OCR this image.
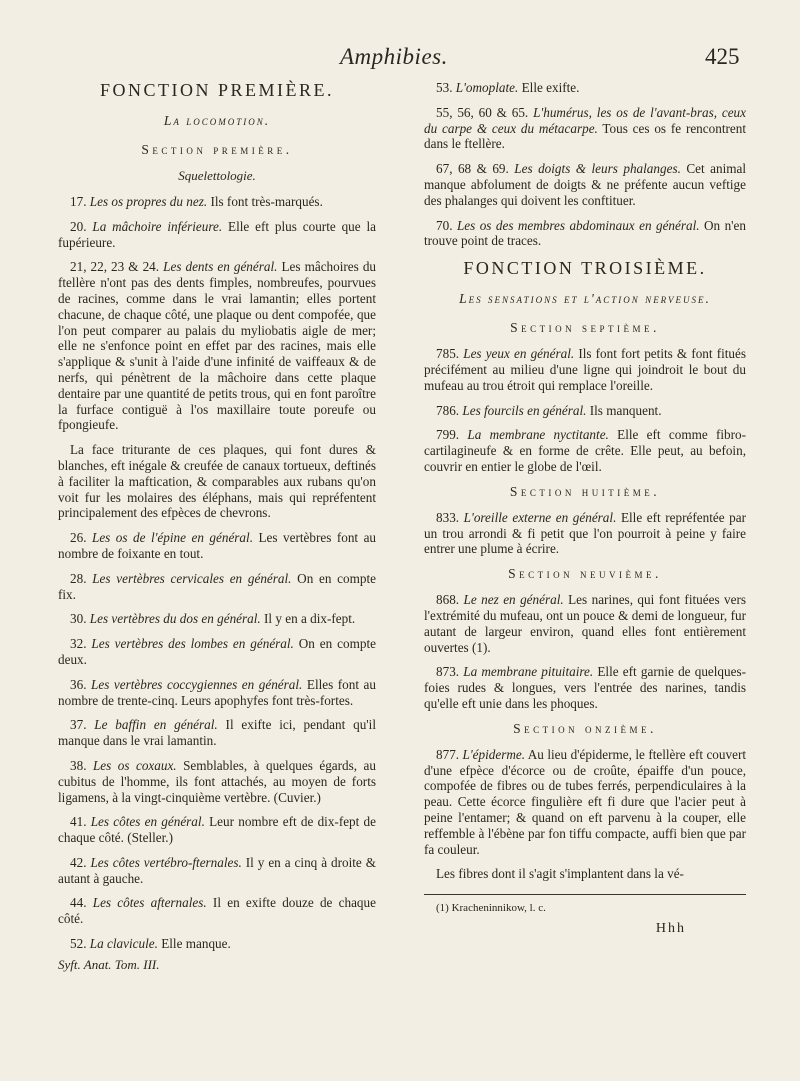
Amphibies.	425
FONCTION PREMIÈRE.
La locomotion.
Section première.
Squelettologie.

17. Les os propres du nez. Ils font très-marqués.

20. La mâchoire inférieure. Elle eft plus courte que la fupérieure.

21, 22, 23 & 24. Les dents en général. Les mâchoires du ftellère n'ont pas des dents fimples, nombreufes, pourvues de racines, comme dans le vrai lamantin; elles portent chacune, de chaque côté, une plaque ou dent compofée, que l'on peut comparer au palais du myliobatis aigle de mer; elle ne s'enfonce point en effet par des racines, mais elle s'applique & s'unit à l'aide d'une infinité de vaiffeaux & de nerfs, qui pénètrent de la mâchoire dans cette plaque dentaire par une quantité de petits trous, qui en font paroître la furface contiguë à l'os maxillaire toute poreufe ou fpongieufe.

La face triturante de ces plaques, qui font dures & blanches, eft inégale & creufée de canaux tortueux, deftinés à faciliter la maftication, & comparables aux rubans qu'on voit fur les molaires des éléphans, mais qui repréfentent principalement des efpèces de chevrons.

26. Les os de l'épine en général. Les vertèbres font au nombre de foixante en tout.

28. Les vertèbres cervicales en général. On en compte fix.

30. Les vertèbres du dos en général. Il y en a dix-fept.

32. Les vertèbres des lombes en général. On en compte deux.

36. Les vertèbres coccygiennes en général. Elles font au nombre de trente-cinq. Leurs apophyfes font très-fortes.

37. Le baffin en général. Il exifte ici, pendant qu'il manque dans le vrai lamantin.

38. Les os coxaux. Semblables, à quelques égards, au cubitus de l'homme, ils font attachés, au moyen de forts ligamens, à la vingt-cinquième vertèbre. (Cuvier.)

41. Les côtes en général. Leur nombre eft de dix-fept de chaque côté. (Steller.)

42. Les côtes vertébro-fternales. Il y en a cinq à droite & autant à gauche.

44. Les côtes afternales. Il en exifte douze de chaque côté.

52. La clavicule. Elle manque.

Syft. Anat. Tom. III.

53. L'omoplate. Elle exifte.

55, 56, 60 & 65. L'humérus, les os de l'avant-bras, ceux du carpe & ceux du métacarpe. Tous ces os fe rencontrent dans le ftellère.

67, 68 & 69. Les doigts & leurs phalanges. Cet animal manque abfolument de doigts & ne préfente aucun veftige des phalanges qui doivent les conftituer.

70. Les os des membres abdominaux en général. On n'en trouve point de traces.

FONCTION TROISIÈME.
Les sensations et l'action nerveuse.
Section septième.

785. Les yeux en général. Ils font fort petits & font fitués précifément au milieu d'une ligne qui joindroit le bout du mufeau au trou étroit qui remplace l'oreille.

786. Les fourcils en général. Ils manquent.

799. La membrane nyctitante. Elle eft comme fibro-cartilagineufe & en forme de crête. Elle peut, au befoin, couvrir en entier le globe de l'œil.

Section huitième.

833. L'oreille externe en général. Elle eft repréfentée par un trou arrondi & fi petit que l'on pourroit à peine y faire entrer une plume à écrire.

Section neuvième.

868. Le nez en général. Les narines, qui font fituées vers l'extrémité du mufeau, ont un pouce & demi de longueur, fur autant de largeur environ, quand elles font entièrement ouvertes (1).

873. La membrane pituitaire. Elle eft garnie de quelques-foies rudes & longues, vers l'entrée des narines, tandis qu'elle eft unie dans les phoques.

Section onzième.

877. L'épiderme. Au lieu d'épiderme, le ftellère eft couvert d'une efpèce d'écorce ou de croûte, épaiffe d'un pouce, compofée de fibres ou de tubes ferrés, perpendiculaires à la peau. Cette écorce fingulière eft fi dure que l'acier peut à peine l'entamer; & quand on eft parvenu à la couper, elle reffemble à l'ébène par fon tiffu compacte, auffi bien que par fa couleur.

Les fibres dont il s'agit s'implantent dans la vé-

(1) Kracheninnikow, l. c.
Hhh
